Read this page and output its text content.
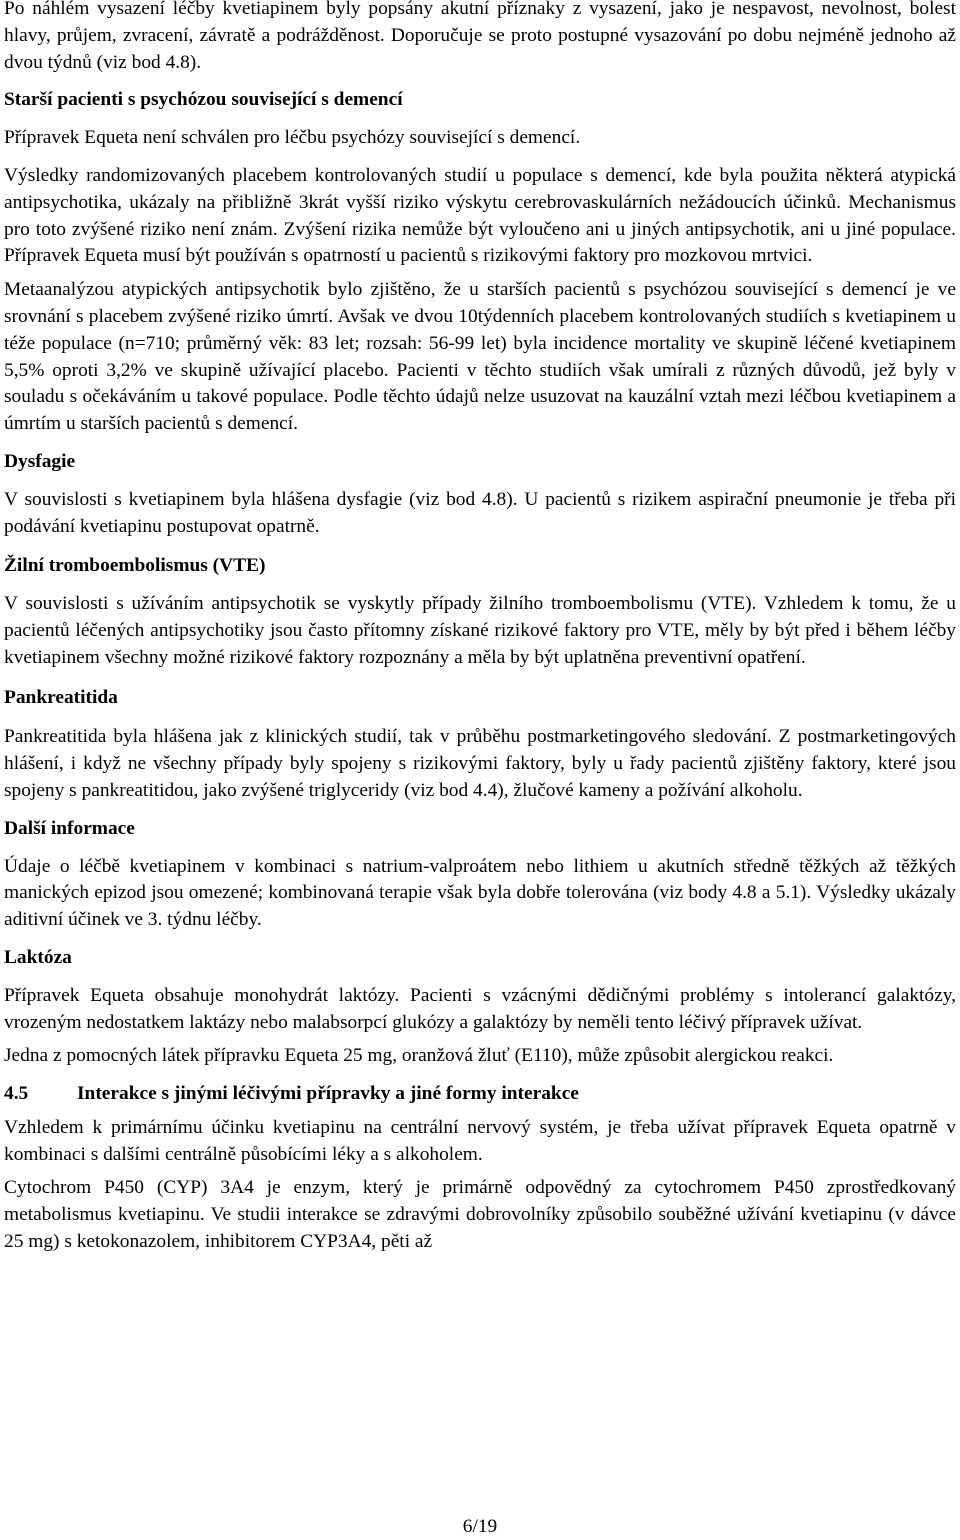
Po náhlém vysazení léčby kvetiapinem byly popsány akutní příznaky z vysazení, jako je nespavost, nevolnost, bolest hlavy, průjem, zvracení, závratě a podrážděnost. Doporučuje se proto postupné vysazování po dobu nejméně jednoho až dvou týdnů (viz bod 4.8).

Starší pacienti s psychózou související s demencí

Přípravek Equeta není schválen pro léčbu psychózy související s demencí.

Výsledky randomizovaných placebem kontrolovaných studií u populace s demencí, kde byla použita některá atypická antipsychotika, ukázaly na přibližně 3krát vyšší riziko výskytu cerebrovaskulárních nežádoucích účinků. Mechanismus pro toto zvýšené riziko není znám. Zvýšení rizika nemůže být vyloučeno ani u jiných antipsychotik, ani u jiné populace. Přípravek Equeta musí být používán s opatrností u pacientů s rizikovými faktory pro mozkovou mrtvici.

Metaanalýzou atypických antipsychotik bylo zjištěno, že u starších pacientů s psychózou související s demencí je ve srovnání s placebem zvýšené riziko úmrtí. Avšak ve dvou 10týdenních placebem kontrolovaných studiích s kvetiapinem u téže populace (n=710; průměrný věk: 83 let; rozsah: 56-99 let) byla incidence mortality ve skupině léčené kvetiapinem 5,5% oproti 3,2% ve skupině užívající placebo. Pacienti v těchto studiích však umírali z různých důvodů, jež byly v souladu s očekáváním u takové populace. Podle těchto údajů nelze usuzovat na kauzální vztah mezi léčbou kvetiapinem a úmrtím u starších pacientů s demencí.

Dysfagie

V souvislosti s kvetiapinem byla hlášena dysfagie (viz bod 4.8). U pacientů s rizikem aspirační pneumonie je třeba při podávání kvetiapinu postupovat opatrně.

Žilní tromboembolismus (VTE)

V souvislosti s užíváním antipsychotik se vyskytly případy žilního tromboembolismu (VTE). Vzhledem k tomu, že u pacientů léčených antipsychotiky jsou často přítomny získané rizikové faktory pro VTE, měly by být před i během léčby kvetiapinem všechny možné rizikové faktory rozpoznány a měla by být uplatněna preventivní opatření.

Pankreatitida

Pankreatitida byla hlášena jak z klinických studií, tak v průběhu postmarketingového sledování. Z postmarketingových hlášení, i když ne všechny případy byly spojeny s rizikovými faktory, byly u řady pacientů zjištěny faktory, které jsou spojeny s pankreatitidou, jako zvýšené triglyceridy (viz bod 4.4), žlučové kameny a požívání alkoholu.

Další informace

Údaje o léčbě kvetiapinem v kombinaci s natrium-valproátem nebo lithiem u akutních středně těžkých až těžkých manických epizod jsou omezené; kombinovaná terapie však byla dobře tolerována (viz body 4.8 a 5.1). Výsledky ukázaly aditivní účinek ve 3. týdnu léčby.

Laktóza

Přípravek Equeta obsahuje monohydrát laktózy. Pacienti s vzácnými dědičnými problémy s intolerancí galaktózy, vrozeným nedostatkem laktázy nebo malabsorpcí glukózy a galaktózy by neměli tento léčivý přípravek užívat.

Jedna z pomocných látek přípravku Equeta 25 mg, oranžová žluť (E110), může způsobit alergickou reakci.

4.5	Interakce s jinými léčivými přípravky a jiné formy interakce

Vzhledem k primárnímu účinku kvetiapinu na centrální nervový systém, je třeba užívat přípravek Equeta opatrně v kombinaci s dalšími centrálně působícími léky a s alkoholem.

Cytochrom P450 (CYP) 3A4 je enzym, který je primárně odpovědný za cytochromem P450 zprostředkovaný metabolismus kvetiapinu. Ve studii interakce se zdravými dobrovolníky způsobilo souběžné užívání kvetiapinu (v dávce 25 mg) s ketokonazolem, inhibitorem CYP3A4, pěti až

6/19
